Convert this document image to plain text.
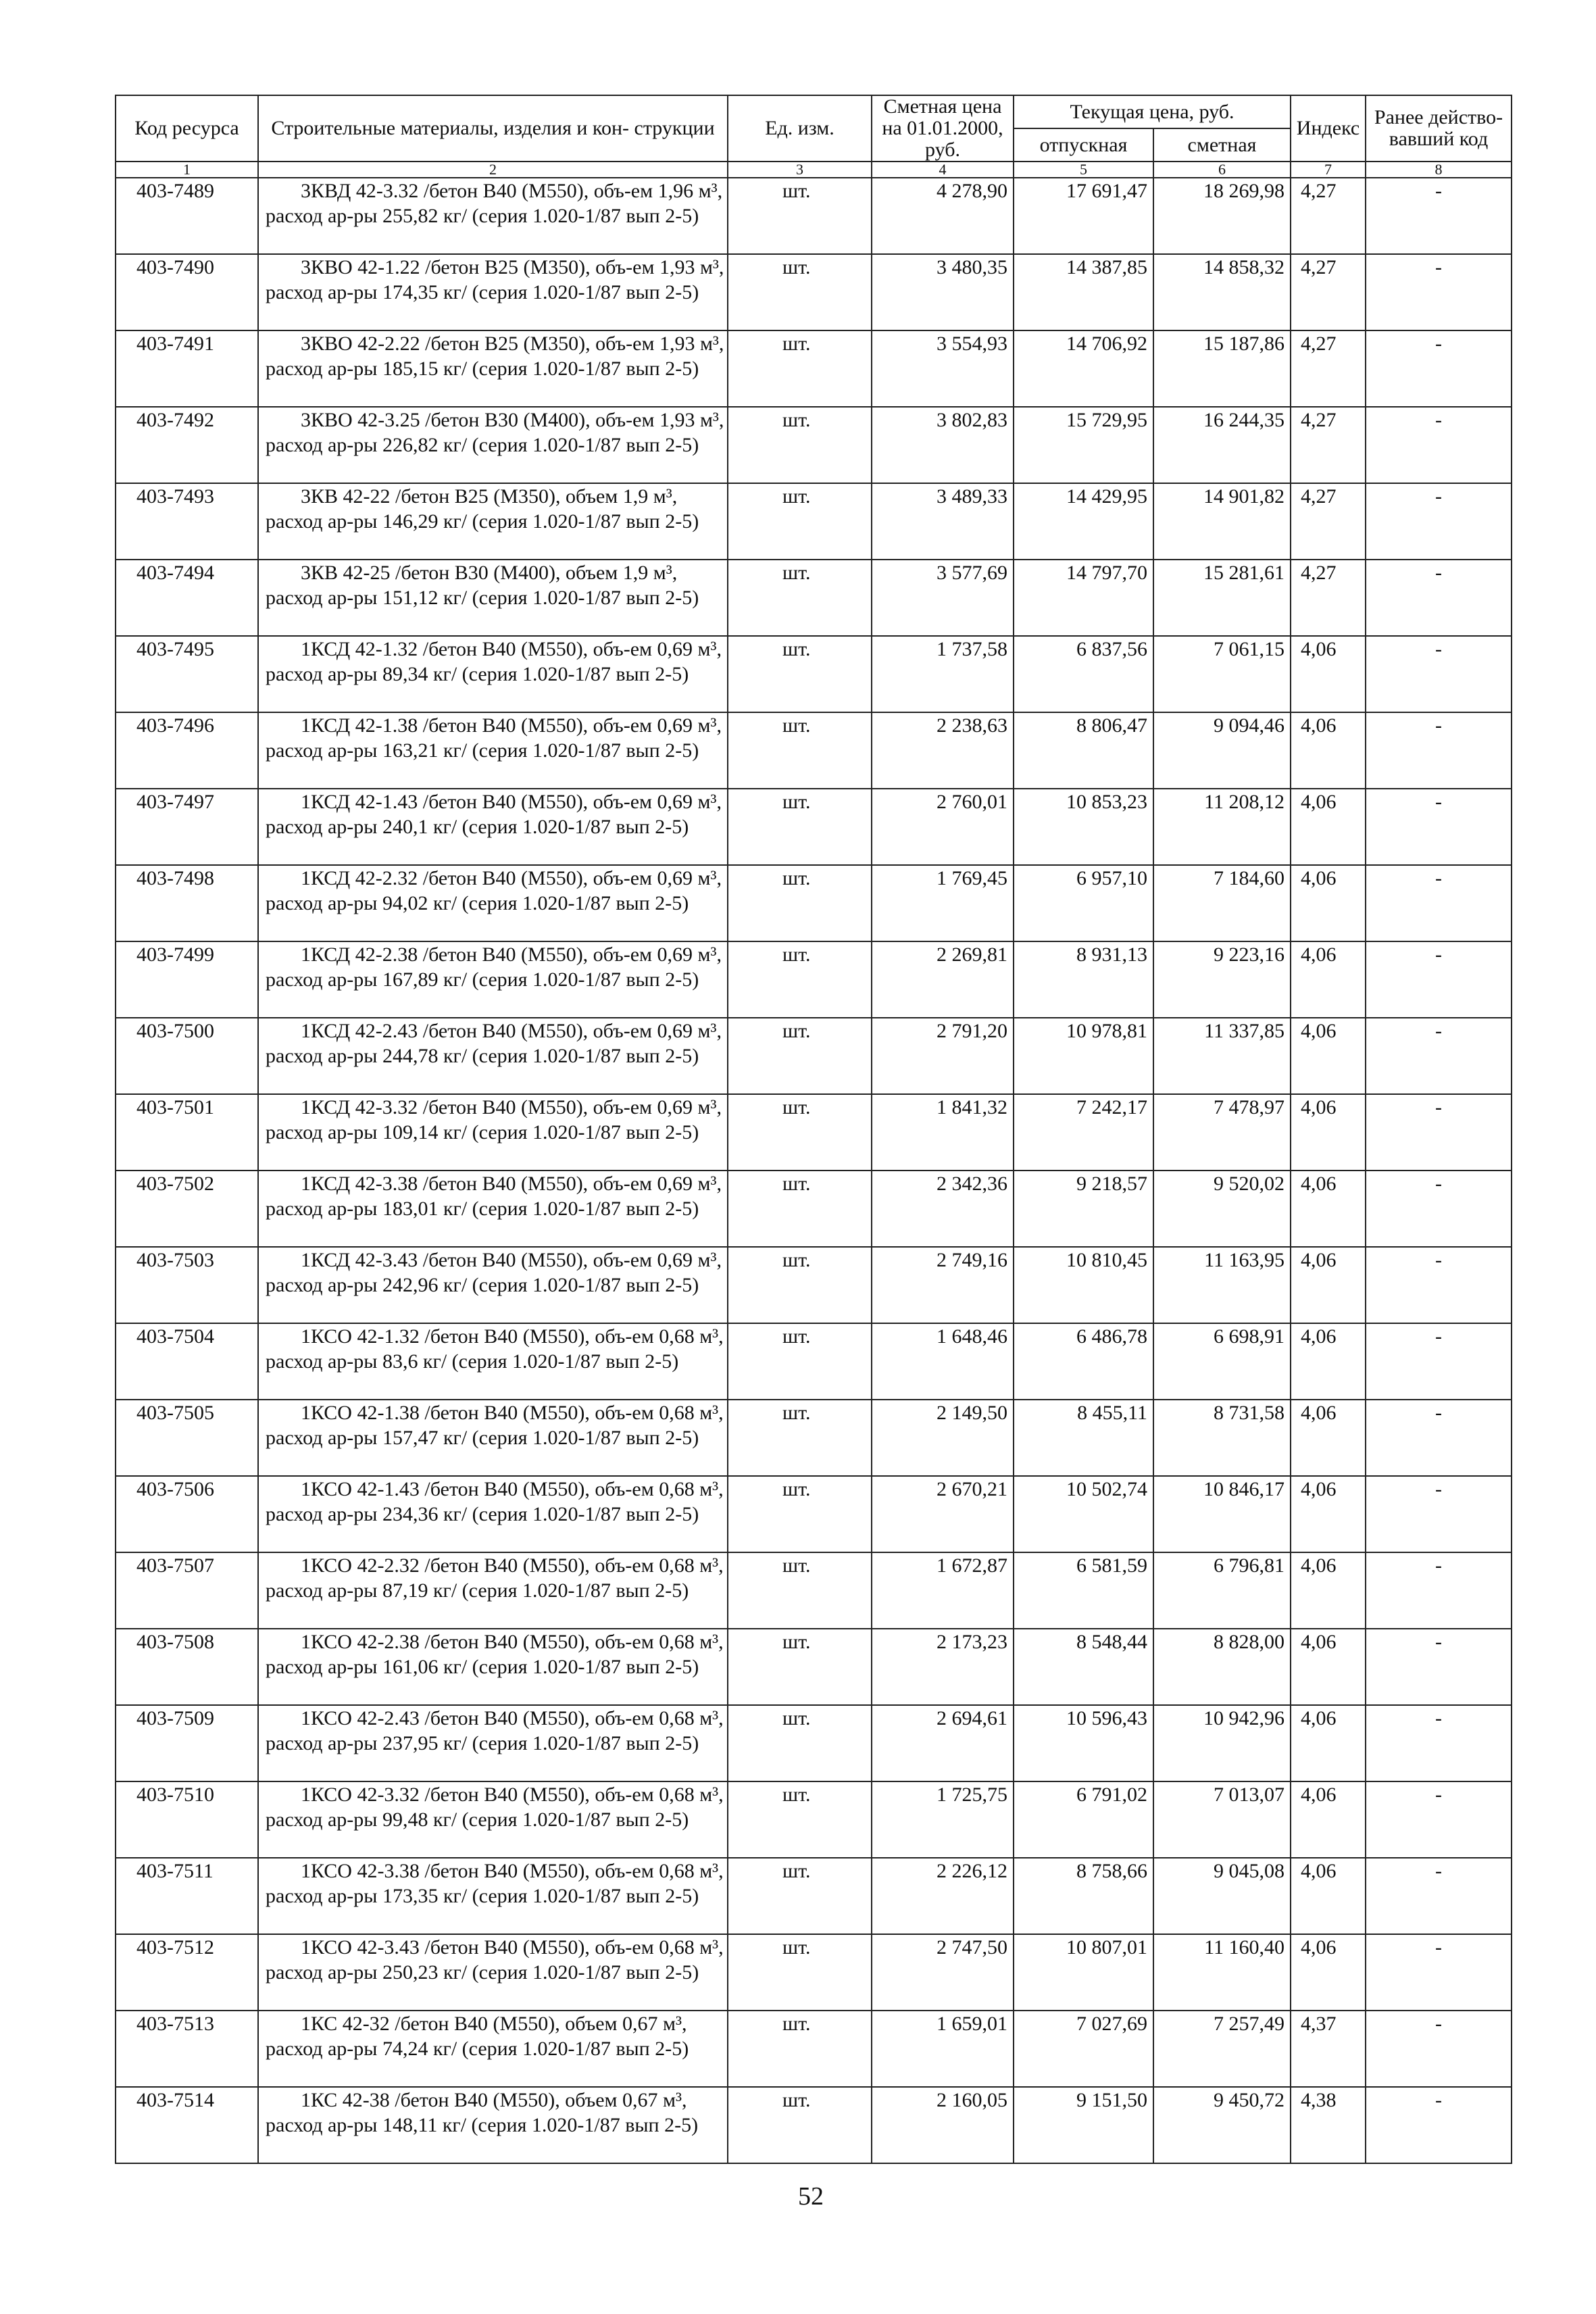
Код ресурса	Строительные материалы, изделия и кон- струкции	Ед. изм.	Сметная цена на 01.01.2000, руб.	Текущая цена, руб.		Индекс	Ранее действо- вавший код
				отпускная	сметная		
1	2	3	4	5	6	7	8
403-7489	3КВД 42-3.32 /бетон В40 (М550), объ-ем 1,96 м³, расход ар-ры 255,82 кг/ (серия 1.020-1/87 вып 2-5)	шт.	4 278,90	17 691,47	18 269,98	4,27	-
403-7490	3КВО 42-1.22 /бетон В25 (М350), объ-ем 1,93 м³, расход ар-ры 174,35 кг/ (серия 1.020-1/87 вып 2-5)	шт.	3 480,35	14 387,85	14 858,32	4,27	-
403-7491	3КВО 42-2.22 /бетон В25 (М350), объ-ем 1,93 м³, расход ар-ры 185,15 кг/ (серия 1.020-1/87 вып 2-5)	шт.	3 554,93	14 706,92	15 187,86	4,27	-
403-7492	3КВО 42-3.25 /бетон В30 (М400), объ-ем 1,93 м³, расход ар-ры 226,82 кг/ (серия 1.020-1/87 вып 2-5)	шт.	3 802,83	15 729,95	16 244,35	4,27	-
403-7493	3КВ 42-22 /бетон В25 (М350), объем 1,9 м³, расход ар-ры 146,29 кг/ (серия 1.020-1/87 вып 2-5)	шт.	3 489,33	14 429,95	14 901,82	4,27	-
403-7494	3КВ 42-25 /бетон В30 (М400), объем 1,9 м³, расход ар-ры 151,12 кг/ (серия 1.020-1/87 вып 2-5)	шт.	3 577,69	14 797,70	15 281,61	4,27	-
403-7495	1КСД 42-1.32 /бетон В40 (М550), объ-ем 0,69 м³, расход ар-ры 89,34 кг/ (серия 1.020-1/87 вып 2-5)	шт.	1 737,58	6 837,56	7 061,15	4,06	-
403-7496	1КСД 42-1.38 /бетон В40 (М550), объ-ем 0,69 м³, расход ар-ры 163,21 кг/ (серия 1.020-1/87 вып 2-5)	шт.	2 238,63	8 806,47	9 094,46	4,06	-
403-7497	1КСД 42-1.43 /бетон В40 (М550), объ-ем 0,69 м³, расход ар-ры 240,1 кг/ (серия 1.020-1/87 вып 2-5)	шт.	2 760,01	10 853,23	11 208,12	4,06	-
403-7498	1КСД 42-2.32 /бетон В40 (М550), объ-ем 0,69 м³, расход ар-ры 94,02 кг/ (серия 1.020-1/87 вып 2-5)	шт.	1 769,45	6 957,10	7 184,60	4,06	-
403-7499	1КСД 42-2.38 /бетон В40 (М550), объ-ем 0,69 м³, расход ар-ры 167,89 кг/ (серия 1.020-1/87 вып 2-5)	шт.	2 269,81	8 931,13	9 223,16	4,06	-
403-7500	1КСД 42-2.43 /бетон В40 (М550), объ-ем 0,69 м³, расход ар-ры 244,78 кг/ (серия 1.020-1/87 вып 2-5)	шт.	2 791,20	10 978,81	11 337,85	4,06	-
403-7501	1КСД 42-3.32 /бетон В40 (М550), объ-ем 0,69 м³, расход ар-ры 109,14 кг/ (серия 1.020-1/87 вып 2-5)	шт.	1 841,32	7 242,17	7 478,97	4,06	-
403-7502	1КСД 42-3.38 /бетон В40 (М550), объ-ем 0,69 м³, расход ар-ры 183,01 кг/ (серия 1.020-1/87 вып 2-5)	шт.	2 342,36	9 218,57	9 520,02	4,06	-
403-7503	1КСД 42-3.43 /бетон В40 (М550), объ-ем 0,69 м³, расход ар-ры 242,96 кг/ (серия 1.020-1/87 вып 2-5)	шт.	2 749,16	10 810,45	11 163,95	4,06	-
403-7504	1КСО 42-1.32 /бетон В40 (М550), объ-ем 0,68 м³, расход ар-ры 83,6 кг/ (серия 1.020-1/87 вып 2-5)	шт.	1 648,46	6 486,78	6 698,91	4,06	-
403-7505	1КСО 42-1.38 /бетон В40 (М550), объ-ем 0,68 м³, расход ар-ры 157,47 кг/ (серия 1.020-1/87 вып 2-5)	шт.	2 149,50	8 455,11	8 731,58	4,06	-
403-7506	1КСО 42-1.43 /бетон В40 (М550), объ-ем 0,68 м³, расход ар-ры 234,36 кг/ (серия 1.020-1/87 вып 2-5)	шт.	2 670,21	10 502,74	10 846,17	4,06	-
403-7507	1КСО 42-2.32 /бетон В40 (М550), объ-ем 0,68 м³, расход ар-ры 87,19 кг/ (серия 1.020-1/87 вып 2-5)	шт.	1 672,87	6 581,59	6 796,81	4,06	-
403-7508	1КСО 42-2.38 /бетон В40 (М550), объ-ем 0,68 м³, расход ар-ры 161,06 кг/ (серия 1.020-1/87 вып 2-5)	шт.	2 173,23	8 548,44	8 828,00	4,06	-
403-7509	1КСО 42-2.43 /бетон В40 (М550), объ-ем 0,68 м³, расход ар-ры 237,95 кг/ (серия 1.020-1/87 вып 2-5)	шт.	2 694,61	10 596,43	10 942,96	4,06	-
403-7510	1КСО 42-3.32 /бетон В40 (М550), объ-ем 0,68 м³, расход ар-ры 99,48 кг/ (серия 1.020-1/87 вып 2-5)	шт.	1 725,75	6 791,02	7 013,07	4,06	-
403-7511	1КСО 42-3.38 /бетон В40 (М550), объ-ем 0,68 м³, расход ар-ры 173,35 кг/ (серия 1.020-1/87 вып 2-5)	шт.	2 226,12	8 758,66	9 045,08	4,06	-
403-7512	1КСО 42-3.43 /бетон В40 (М550), объ-ем 0,68 м³, расход ар-ры 250,23 кг/ (серия 1.020-1/87 вып 2-5)	шт.	2 747,50	10 807,01	11 160,40	4,06	-
403-7513	1КС 42-32 /бетон В40 (М550), объем 0,67 м³, расход ар-ры 74,24 кг/ (серия 1.020-1/87 вып 2-5)	шт.	1 659,01	7 027,69	7 257,49	4,37	-
403-7514	1КС 42-38 /бетон В40 (М550), объем 0,67 м³, расход ар-ры 148,11 кг/ (серия 1.020-1/87 вып 2-5)	шт.	2 160,05	9 151,50	9 450,72	4,38	-
52
